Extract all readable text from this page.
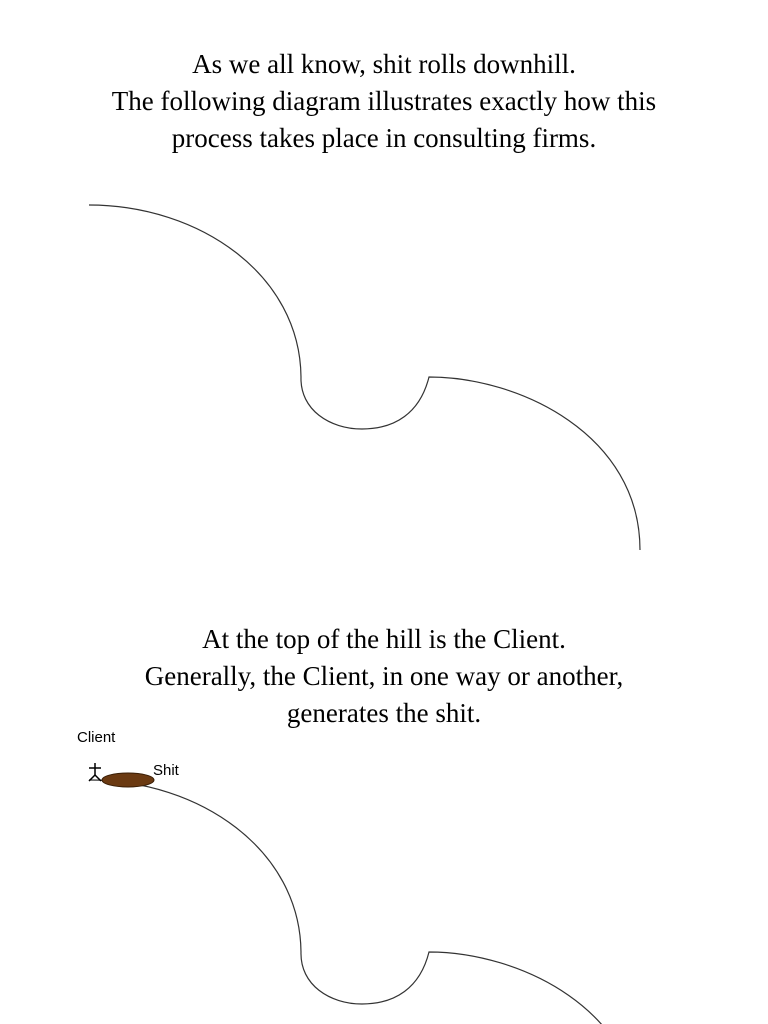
As we all know, shit rolls downhill.
The following diagram illustrates exactly how this
process takes place in consulting firms.
At the top of the hill is the Client.
Generally, the Client, in one way or another,
generates the shit.
Client
Shit
